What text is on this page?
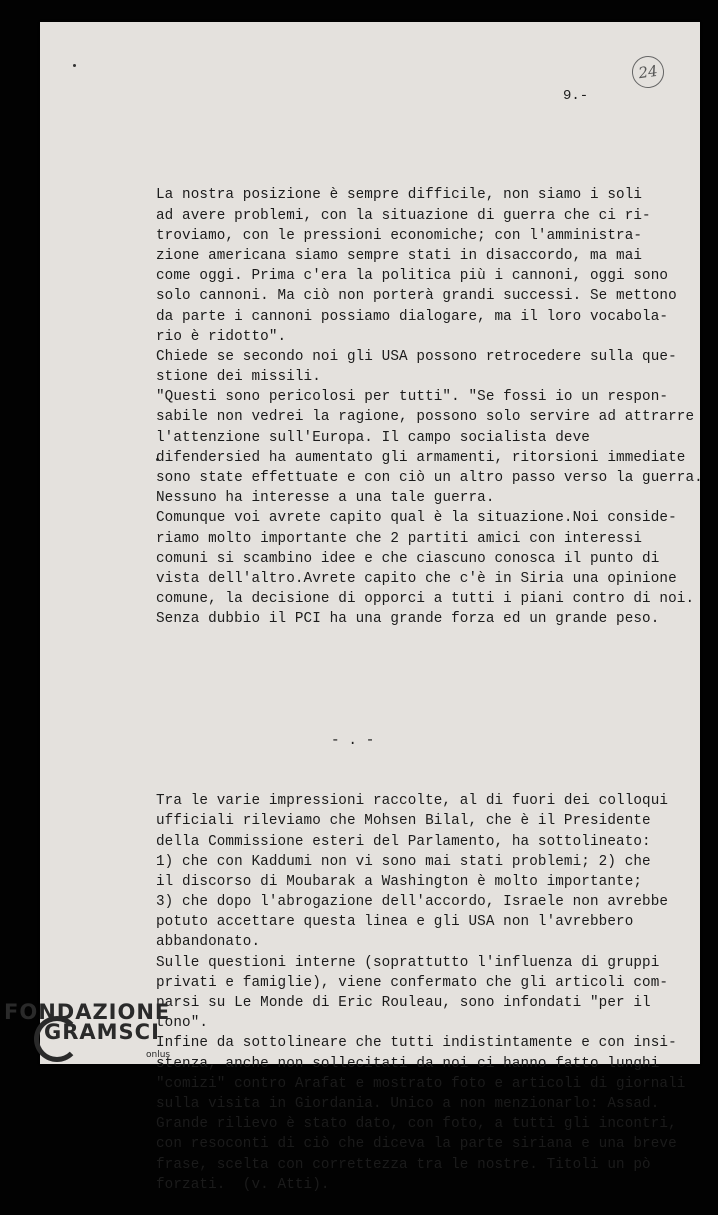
24
9.-

La nostra posizione è sempre difficile, non siamo i soli
ad avere problemi, con la situazione di guerra che ci ri-
troviamo, con le pressioni economiche; con l'amministra-
zione americana siamo sempre stati in disaccordo, ma mai
come oggi. Prima c'era la politica più i cannoni, oggi sono
solo cannoni. Ma ciò non porterà grandi successi. Se mettono
da parte i cannoni possiamo dialogare, ma il loro vocabola-
rio è ridotto".
Chiede se secondo noi gli USA possono retrocedere sulla que-
stione dei missili.
"Questi sono pericolosi per tutti". "Se fossi io un respon-
sabile non vedrei la ragione, possono solo servire ad attrarre
l'attenzione sull'Europa. Il campo socialista deve
difendersied ha aumentato gli armamenti, ritorsioni immediate
sono state effettuate e con ciò un altro passo verso la guerra.
Nessuno ha interesse a una tale guerra.
Comunque voi avrete capito qual è la situazione.Noi conside-
riamo molto importante che 2 partiti amici con interessi
comuni si scambino idee e che ciascuno conosca il punto di
vista dell'altro.Avrete capito che c'è in Siria una opinione
comune, la decisione di opporci a tutti i piani contro di noi.
Senza dubbio il PCI ha una grande forza ed un grande peso.

- . -

Tra le varie impressioni raccolte, al di fuori dei colloqui
ufficiali rileviamo che Mohsen Bilal, che è il Presidente
della Commissione esteri del Parlamento, ha sottolineato:
1) che con Kaddumi non vi sono mai stati problemi; 2) che
il discorso di Moubarak a Washington è molto importante;
3) che dopo l'abrogazione dell'accordo, Israele non avrebbe
potuto accettare questa linea e gli USA non l'avrebbero
abbandonato.
Sulle questioni interne (soprattutto l'influenza di gruppi
privati e famiglie), viene confermato che gli articoli com-
parsi su Le Monde di Eric Rouleau, sono infondati "per il
tono".
Infine da sottolineare che tutti indistintamente e con insi-
stenza, anche non sollecitati da noi ci hanno fatto lunghi
"comizi" contro Arafat e mostrato foto e articoli di giornali
sulla visita in Giordania. Unico a non menzionarlo: Assad.
Grande rilievo è stato dato, con foto, a tutti gli incontri,
con resoconti di ciò che diceva la parte siriana e una breve
frase, scelta con correttezza tra le nostre. Titoli un pò
forzati.  (v. Atti).

FONDAZIONE
GRAMSCI
onlus
